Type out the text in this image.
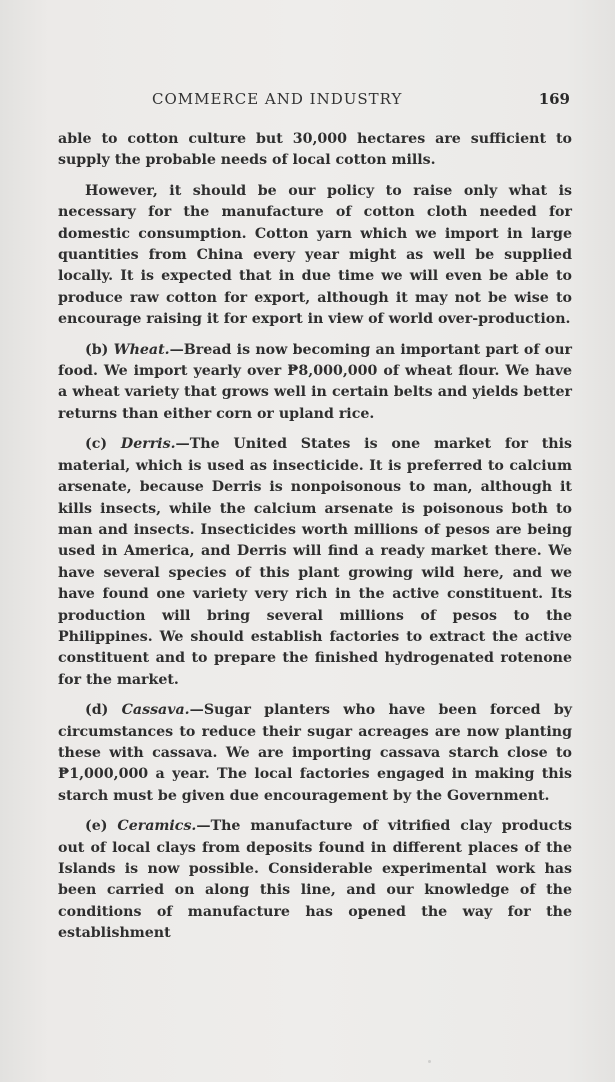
COMMERCE AND INDUSTRY	169

able to cotton culture but 30,000 hectares are sufficient to supply the probable needs of local cotton mills.

However, it should be our policy to raise only what is necessary for the manufacture of cotton cloth needed for domestic consumption. Cotton yarn which we import in large quantities from China every year might as well be supplied locally. It is expected that in due time we will even be able to produce raw cotton for export, although it may not be wise to encourage raising it for export in view of world over-production.

(b) Wheat.—Bread is now becoming an important part of our food. We import yearly over ₱8,000,000 of wheat flour. We have a wheat variety that grows well in certain belts and yields better returns than either corn or upland rice.

(c) Derris.—The United States is one market for this material, which is used as insecticide. It is preferred to calcium arsenate, because Derris is nonpoisonous to man, although it kills insects, while the calcium arsenate is poisonous both to man and insects. Insecticides worth millions of pesos are being used in America, and Derris will find a ready market there. We have several species of this plant growing wild here, and we have found one variety very rich in the active constituent. Its production will bring several millions of pesos to the Philippines. We should establish factories to extract the active constituent and to prepare the finished hydrogenated rotenone for the market.

(d) Cassava.—Sugar planters who have been forced by circumstances to reduce their sugar acreages are now planting these with cassava. We are importing cassava starch close to ₱1,000,000 a year. The local factories engaged in making this starch must be given due encouragement by the Government.

(e) Ceramics.—The manufacture of vitrified clay products out of local clays from deposits found in different places of the Islands is now possible. Considerable experimental work has been carried on along this line, and our knowledge of the conditions of manufacture has opened the way for the establishment
